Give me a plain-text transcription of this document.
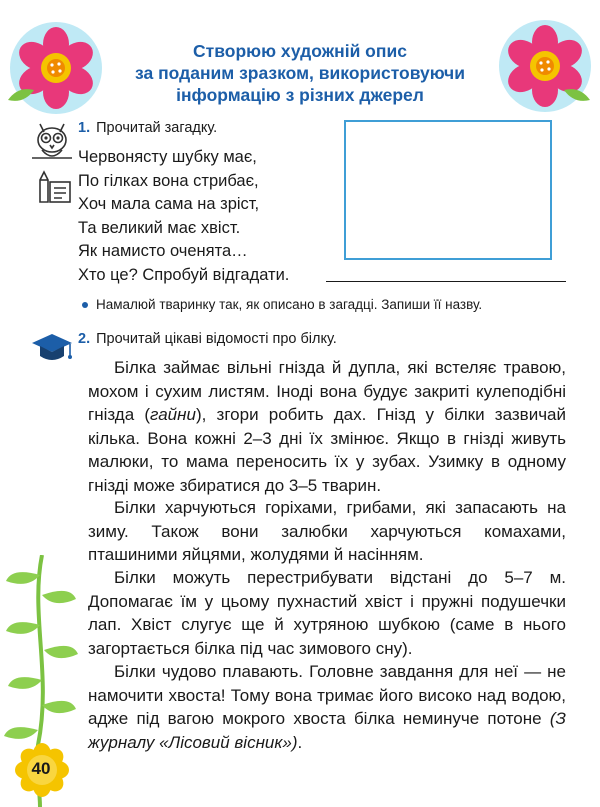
Створюю художній опис
за поданим зразком, використовуючи
інформацію з різних джерел
1. Прочитай загадку.
Червонясту шубку має,
По гілках вона стрибає,
Хоч мала сама на зріст,
Та великий має хвіст.
Як намисто оченята…
Хто це? Спробуй відгадати.
Намалюй тваринку так, як описано в загадці. Запиши її назву.
2. Прочитай цікаві відомості про білку.
Білка займає вільні гнізда й дупла, які встеляє травою, мохом і сухим листям. Іноді вона будує закриті кулеподібні гнізда (гайни), згори робить дах. Гнізд у білки зазвичай кілька. Вона кожні 2–3 дні їх змінює. Якщо в гнізді живуть малюки, то мама переносить їх у зубах. Узимку в одному гнізді може збиратися до 3–5 тварин.
Білки харчуються горіхами, грибами, які запасають на зиму. Також вони залюбки харчуються комахами, пташиними яйцями, жолудями й насінням.
Білки можуть перестрибувати відстані до 5–7 м. Допомагає їм у цьому пухнастий хвіст і пружні подушечки лап. Хвіст слугує ще й хутряною шубкою (саме в нього загортається білка під час зимового сну).
Білки чудово плавають. Головне завдання для неї — не намочити хвоста! Тому вона тримає його високо над водою, адже під вагою мокрого хвоста білка неминуче потоне (З журналу «Лісовий вісник»).
40
